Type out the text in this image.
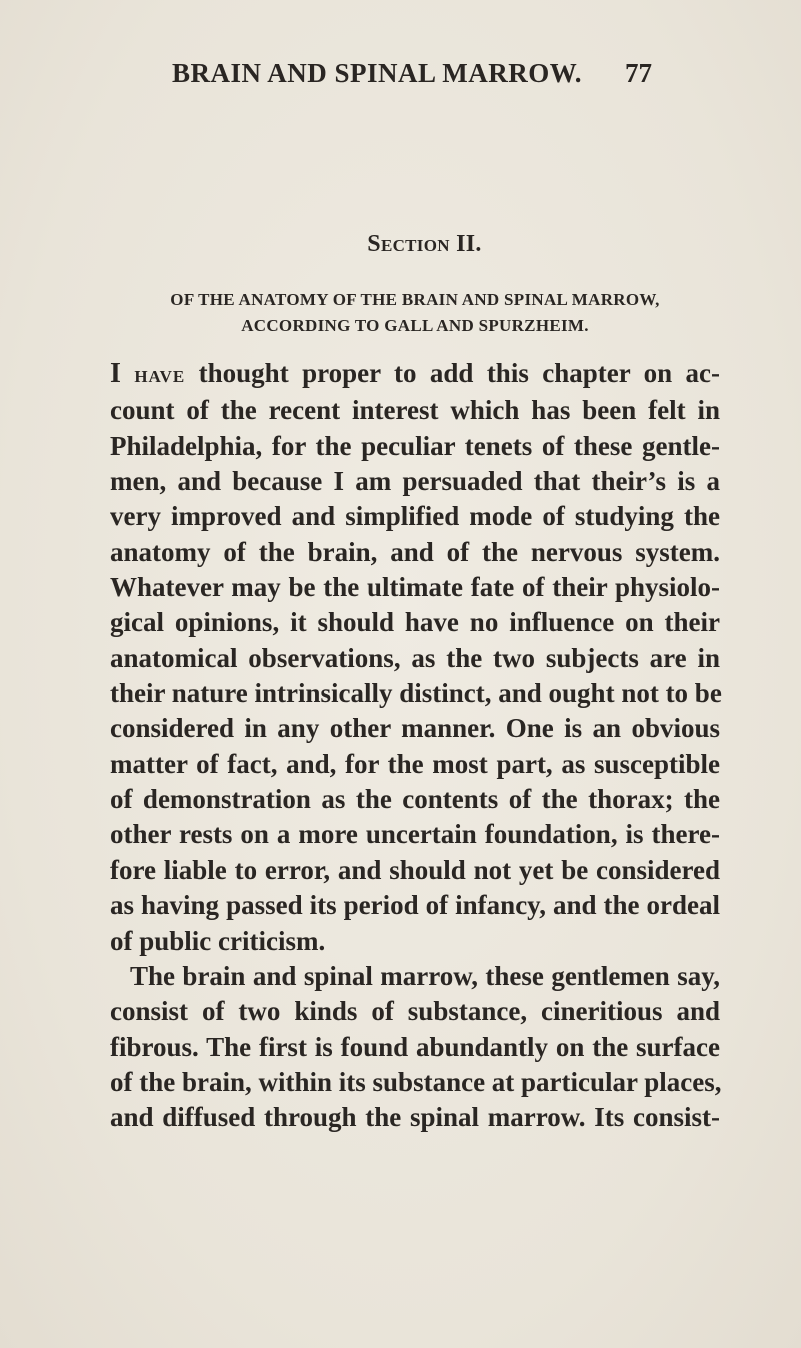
BRAIN AND SPINAL MARROW. 77
Section II.
OF THE ANATOMY OF THE BRAIN AND SPINAL MARROW,
ACCORDING TO GALL AND SPURZHEIM.
I have thought proper to add this chapter on ac-
count of the recent interest which has been felt in
Philadelphia, for the peculiar tenets of these gentle-
men, and because I am persuaded that their’s is a
very improved and simplified mode of studying the
anatomy of the brain, and of the nervous system.
Whatever may be the ultimate fate of their physiolo-
gical opinions, it should have no influence on their
anatomical observations, as the two subjects are in
their nature intrinsically distinct, and ought not to be
considered in any other manner. One is an obvious
matter of fact, and, for the most part, as susceptible
of demonstration as the contents of the thorax; the
other rests on a more uncertain foundation, is there-
fore liable to error, and should not yet be considered
as having passed its period of infancy, and the ordeal
of public criticism.
The brain and spinal marrow, these gentlemen say,
consist of two kinds of substance, cineritious and
fibrous. The first is found abundantly on the surface
of the brain, within its substance at particular places,
and diffused through the spinal marrow. Its consist-
